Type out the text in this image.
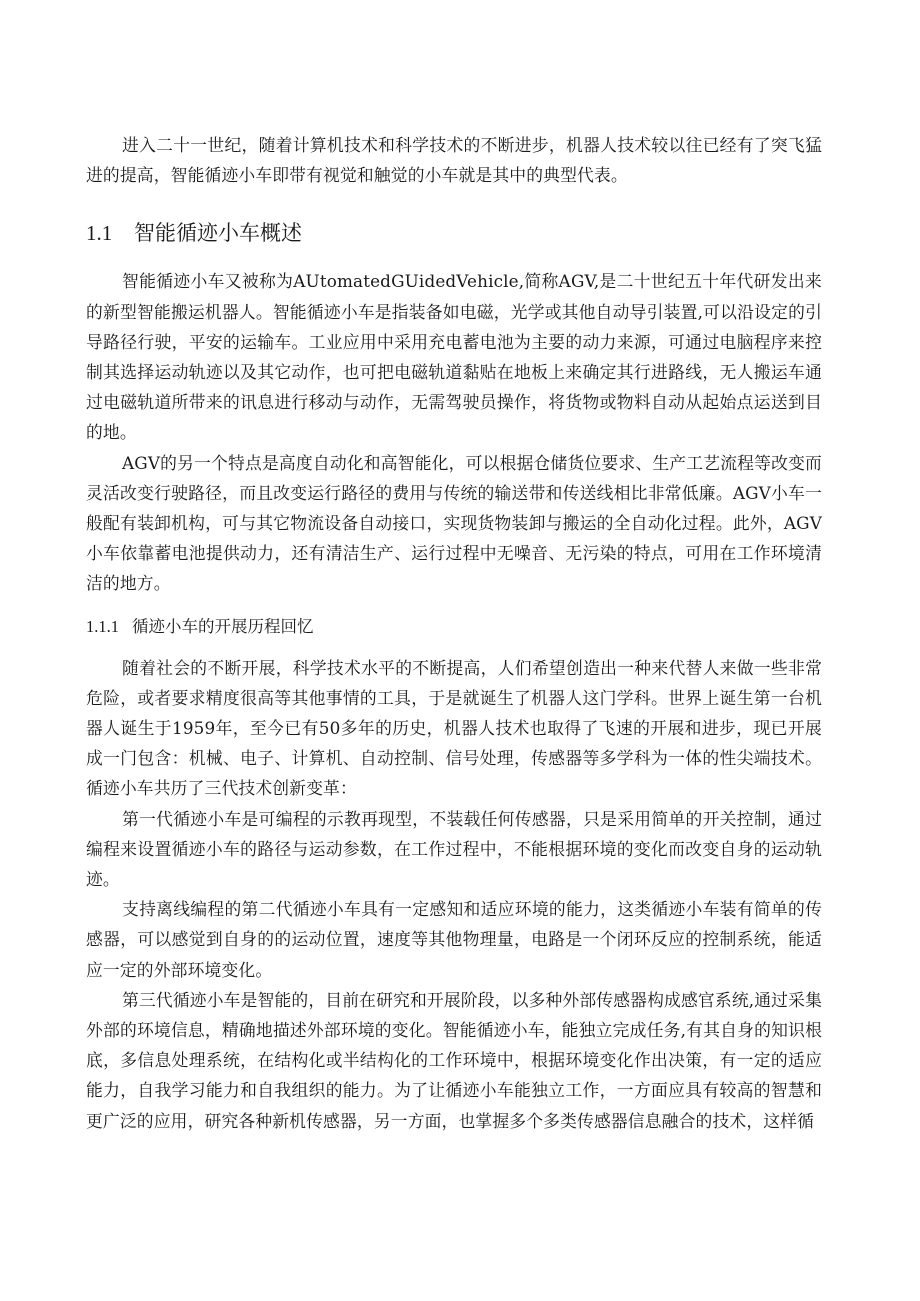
进入二十一世纪，随着计算机技术和科学技术的不断进步，机器人技术较以往已经有了突飞猛进的提高，智能循迹小车即带有视觉和触觉的小车就是其中的典型代表。

1.1	智能循迹小车概述

智能循迹小车又被称为AUtomatedGUidedVehicle,简称AGV,是二十世纪五十年代研发出来的新型智能搬运机器人。智能循迹小车是指装备如电磁，光学或其他自动导引装置,可以沿设定的引导路径行驶，平安的运输车。工业应用中采用充电蓄电池为主要的动力来源，可通过电脑程序来控制其选择运动轨迹以及其它动作，也可把电磁轨道黏贴在地板上来确定其行进路线，无人搬运车通过电磁轨道所带来的讯息进行移动与动作，无需驾驶员操作，将货物或物料自动从起始点运送到目的地。

AGV的另一个特点是高度自动化和高智能化，可以根据仓储货位要求、生产工艺流程等改变而灵活改变行驶路径，而且改变运行路径的费用与传统的输送带和传送线相比非常低廉。AGV小车一般配有装卸机构，可与其它物流设备自动接口，实现货物装卸与搬运的全自动化过程。此外，AGV小车依靠蓄电池提供动力，还有清洁生产、运行过程中无噪音、无污染的特点，可用在工作环境清洁的地方。

1.1.1 循迹小车的开展历程回忆

随着社会的不断开展，科学技术水平的不断提高，人们希望创造出一种来代替人来做一些非常危险，或者要求精度很高等其他事情的工具，于是就诞生了机器人这门学科。世界上诞生第一台机器人诞生于1959年，至今已有50多年的历史，机器人技术也取得了飞速的开展和进步，现已开展成一门包含：机械、电子、计算机、自动控制、信号处理，传感器等多学科为一体的性尖端技术。循迹小车共历了三代技术创新变革：

第一代循迹小车是可编程的示教再现型，不装载任何传感器，只是采用简单的开关控制，通过编程来设置循迹小车的路径与运动参数，在工作过程中，不能根据环境的变化而改变自身的运动轨迹。

支持离线编程的第二代循迹小车具有一定感知和适应环境的能力，这类循迹小车装有简单的传感器，可以感觉到自身的的运动位置，速度等其他物理量，电路是一个闭环反应的控制系统，能适应一定的外部环境变化。

第三代循迹小车是智能的，目前在研究和开展阶段，以多种外部传感器构成感官系统,通过采集外部的环境信息，精确地描述外部环境的变化。智能循迹小车，能独立完成任务,有其自身的知识根底，多信息处理系统，在结构化或半结构化的工作环境中，根据环境变化作出决策，有一定的适应能力，自我学习能力和自我组织的能力。为了让循迹小车能独立工作，一方面应具有较高的智慧和更广泛的应用，研究各种新机传感器，另一方面，也掌握多个多类传感器信息融合的技术，这样循
